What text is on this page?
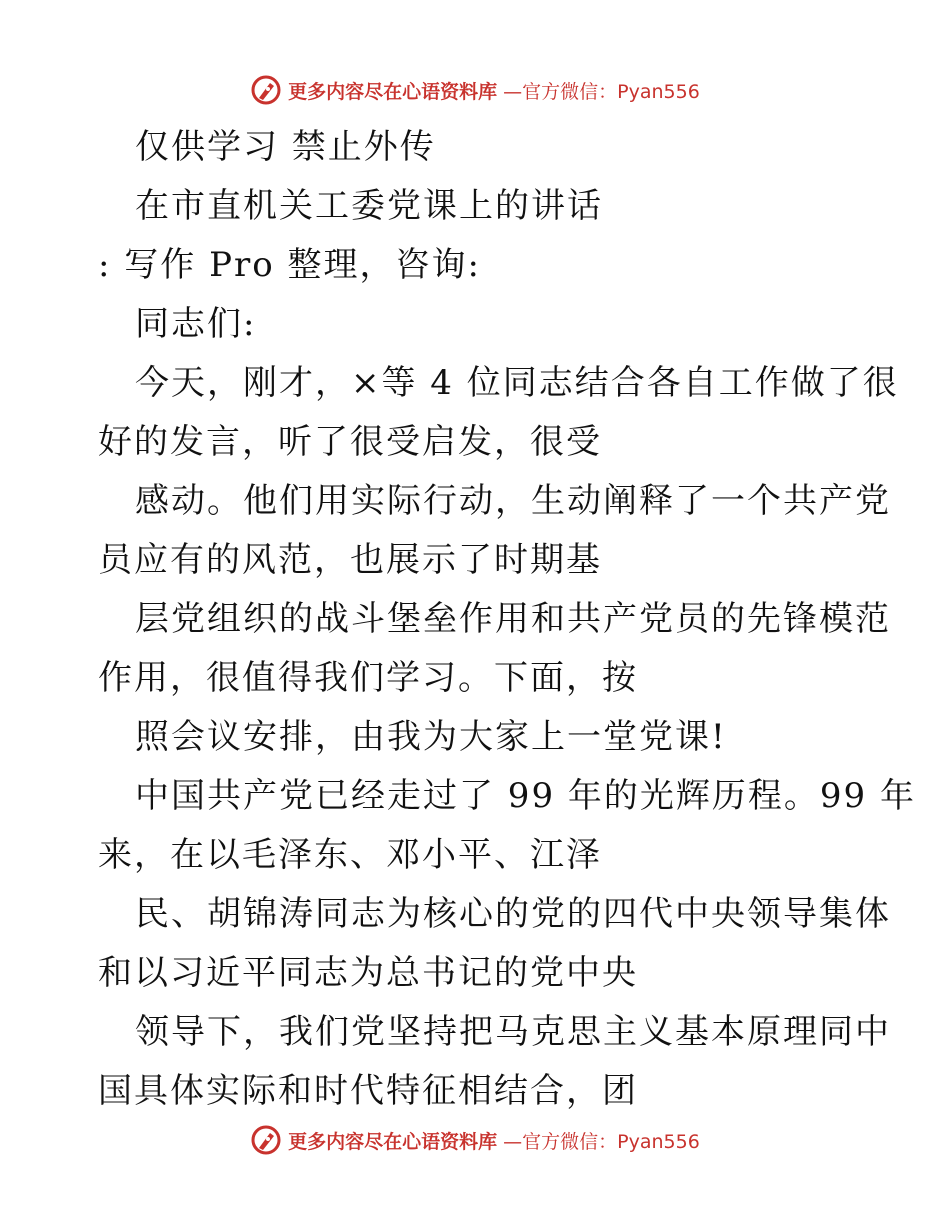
更多内容尽在心语资料库 —官方微信：Pyan556
仅供学习 禁止外传
在市直机关工委党课上的讲话
: 写作 Pro 整理，咨询:
同志们:
今天，刚才，×等 4 位同志结合各自工作做了很
好的发言，听了很受启发，很受
感动。他们用实际行动，生动阐释了一个共产党
员应有的风范，也展示了时期基
层党组织的战斗堡垒作用和共产党员的先锋模范
作用，很值得我们学习。下面，按
照会议安排，由我为大家上一堂党课!
中国共产党已经走过了 99 年的光辉历程。99 年
来，在以毛泽东、邓小平、江泽
民、胡锦涛同志为核心的党的四代中央领导集体
和以习近平同志为总书记的党中央
领导下，我们党坚持把马克思主义基本原理同中
国具体实际和时代特征相结合，团
更多内容尽在心语资料库 —官方微信：Pyan556
